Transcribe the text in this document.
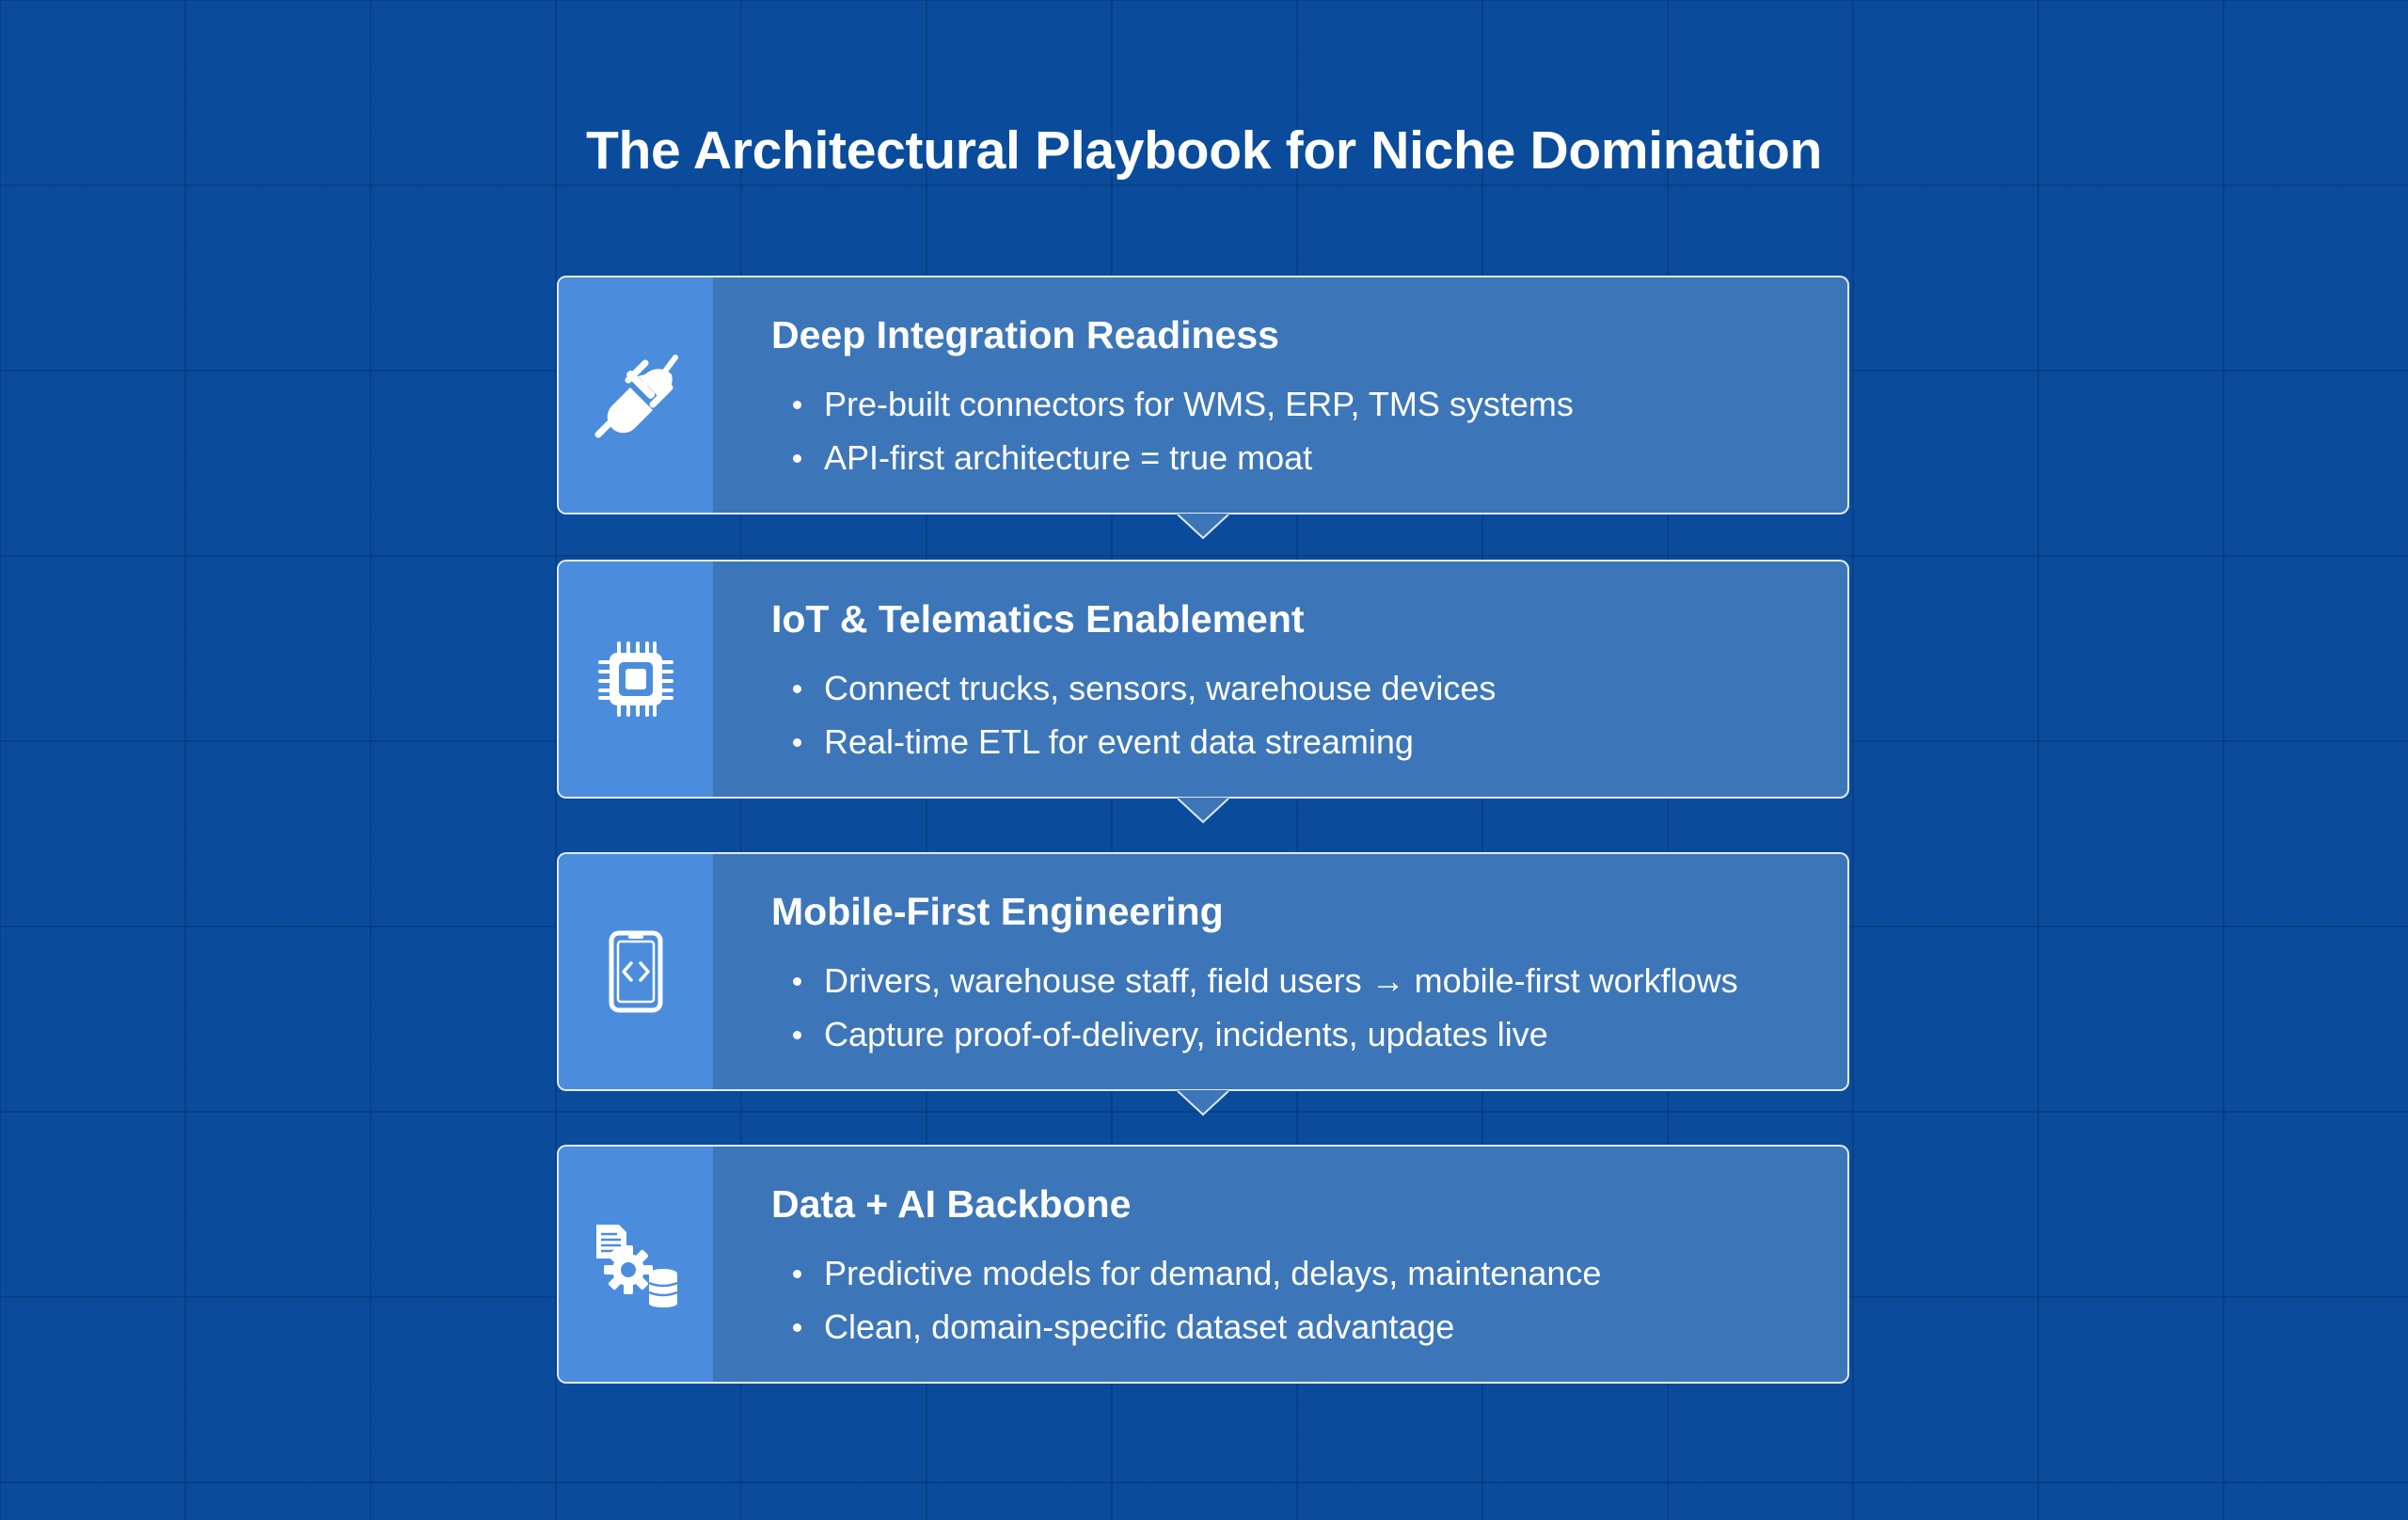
The Architectural Playbook for Niche Domination
Deep Integration Readiness
Pre-built connectors for WMS, ERP, TMS systems
API-first architecture = true moat
IoT & Telematics Enablement
Connect trucks, sensors, warehouse devices
Real-time ETL for event data streaming
Mobile-First Engineering
Drivers, warehouse staff, field users → mobile-first workflows
Capture proof-of-delivery, incidents, updates live
Data + AI Backbone
Predictive models for demand, delays, maintenance
Clean, domain-specific dataset advantage
